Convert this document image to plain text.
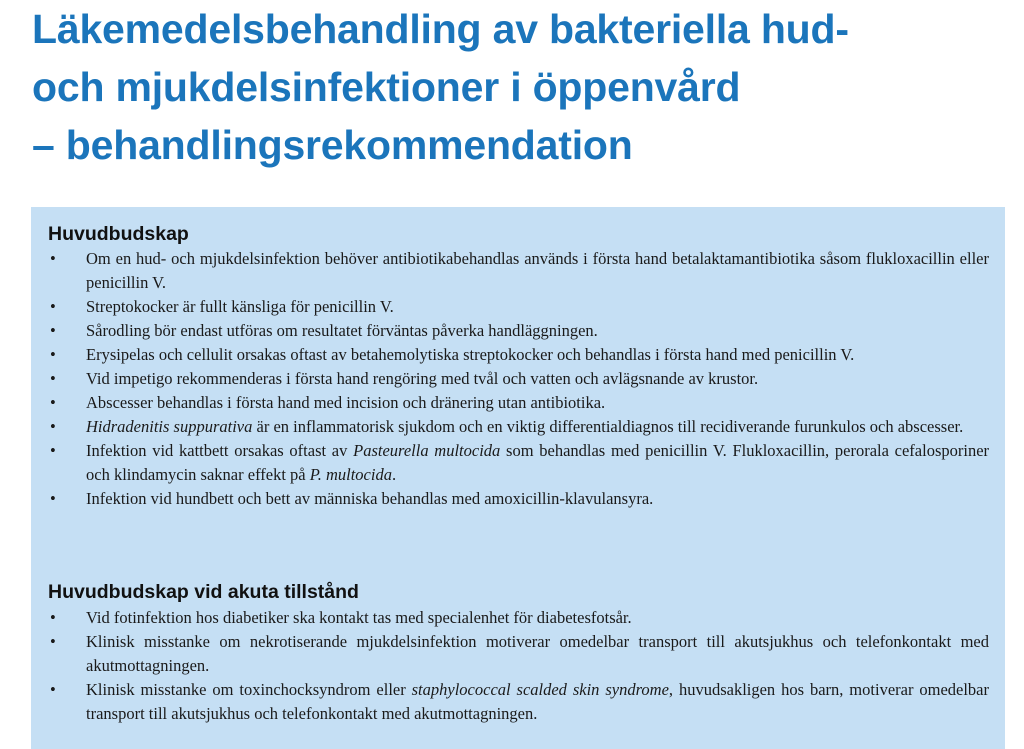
Läkemedelsbehandling av bakteriella hud-
och mjukdelsinfektioner i öppenvård
– behandlingsrekommendation
Huvudbudskap
• Om en hud- och mjukdelsinfektion behöver antibiotikabehandlas används i första hand betalaktamantibiotika såsom flukloxacillin eller penicillin V.
• Streptokocker är fullt känsliga för penicillin V.
• Sårodling bör endast utföras om resultatet förväntas påverka handläggningen.
• Erysipelas och cellulit orsakas oftast av betahemolytiska streptokocker och behandlas i första hand med penicillin V.
• Vid impetigo rekommenderas i första hand rengöring med tvål och vatten och avlägsnande av krustor.
• Abscesser behandlas i första hand med incision och dränering utan antibiotika.
• Hidradenitis suppurativa är en inflammatorisk sjukdom och en viktig differentialdiagnos till recidiverande furunkulos och abscesser.
• Infektion vid kattbett orsakas oftast av Pasteurella multocida som behandlas med penicillin V. Flukloxacillin, perorala cefalosporiner och klindamycin saknar effekt på P. multocida.
• Infektion vid hundbett och bett av människa behandlas med amoxicillin-klavulansyra.
Huvudbudskap vid akuta tillstånd
• Vid fotinfektion hos diabetiker ska kontakt tas med specialenhet för diabetesfotsår.
• Klinisk misstanke om nekrotiserande mjukdelsinfektion motiverar omedelbar transport till akutsjukhus och telefonkontakt med akutmottagningen.
• Klinisk misstanke om toxinchocksyndrom eller staphylococcal scalded skin syndrome, huvudsakligen hos barn, motiverar omedelbar transport till akutsjukhus och telefonkontakt med akutmottagningen.
